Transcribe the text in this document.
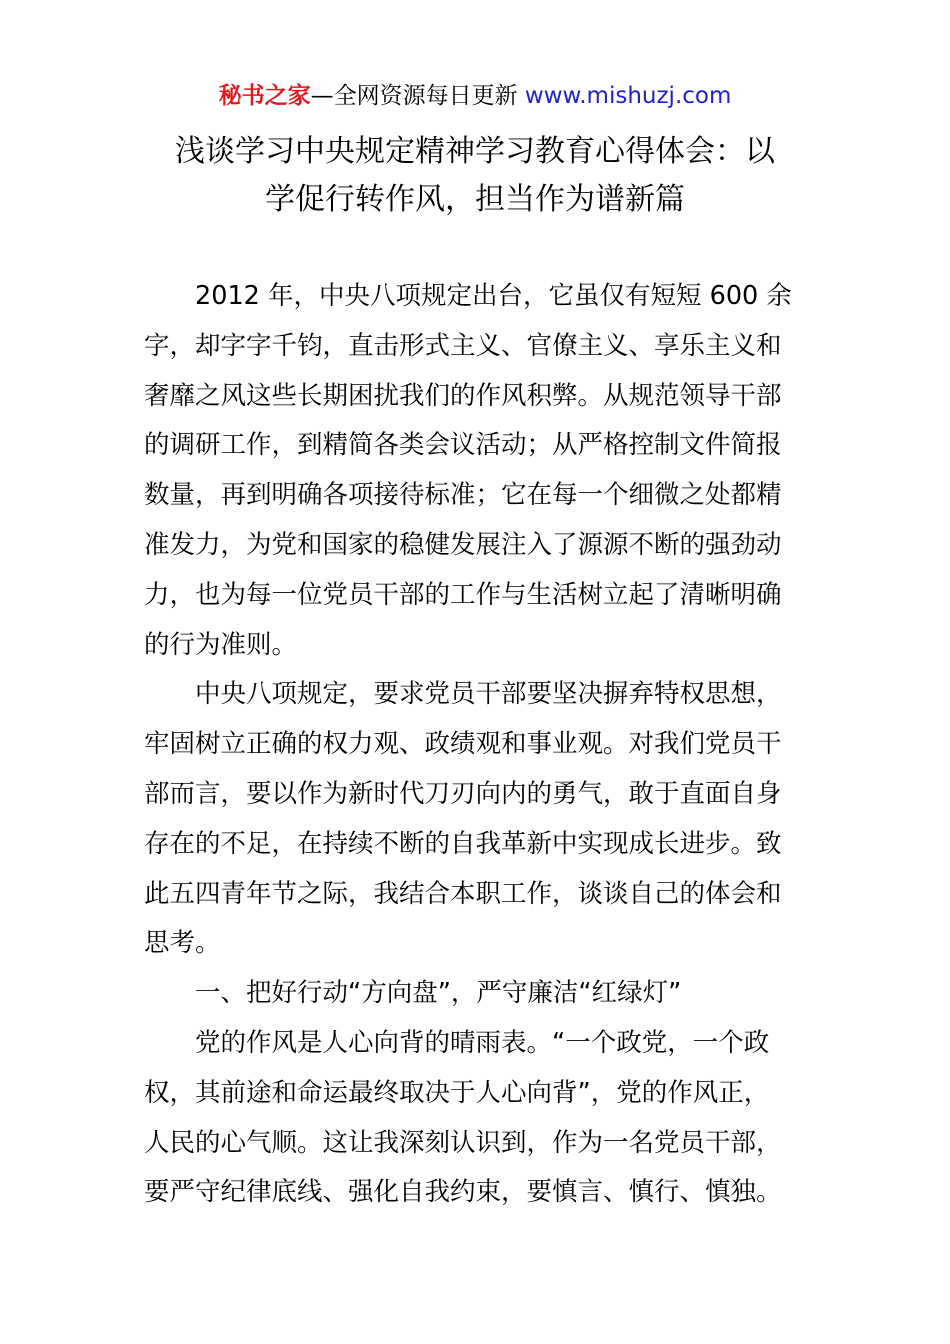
秘书之家—全网资源每日更新 www.mishuzj.com
浅谈学习中央规定精神学习教育心得体会：以
学促行转作风，担当作为谱新篇
2012 年，中央八项规定出台，它虽仅有短短 600 余
字，却字字千钧，直击形式主义、官僚主义、享乐主义和
奢靡之风这些长期困扰我们的作风积弊。从规范领导干部
的调研工作，到精简各类会议活动；从严格控制文件简报
数量，再到明确各项接待标准；它在每一个细微之处都精
准发力，为党和国家的稳健发展注入了源源不断的强劲动
力，也为每一位党员干部的工作与生活树立起了清晰明确
的行为准则。
中央八项规定，要求党员干部要坚决摒弃特权思想，
牢固树立正确的权力观、政绩观和事业观。对我们党员干
部而言，要以作为新时代刀刃向内的勇气，敢于直面自身
存在的不足，在持续不断的自我革新中实现成长进步。致
此五四青年节之际，我结合本职工作，谈谈自己的体会和
思考。
一、把好行动“方向盘”，严守廉洁“红绿灯”
党的作风是人心向背的晴雨表。“一个政党，一个政
权，其前途和命运最终取决于人心向背”，党的作风正，
人民的心气顺。这让我深刻认识到，作为一名党员干部，
要严守纪律底线、强化自我约束，要慎言、慎行、慎独。
